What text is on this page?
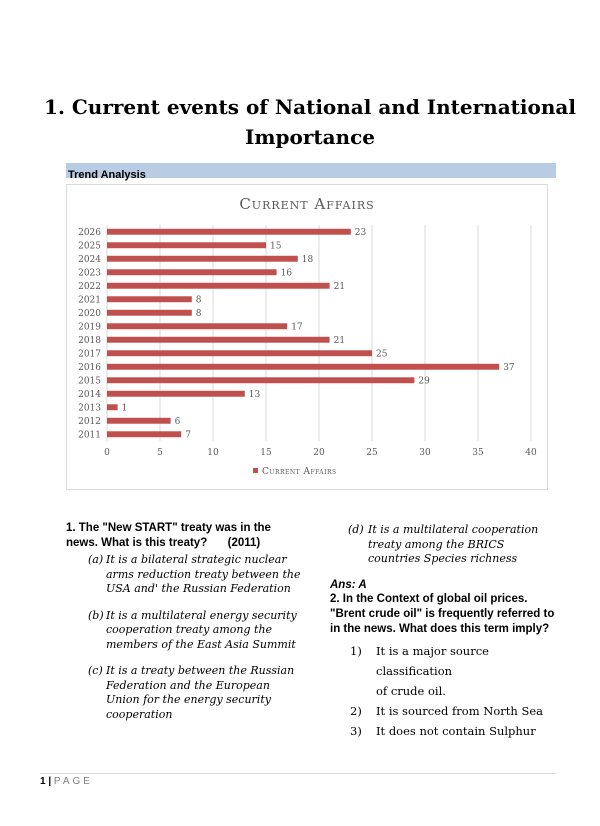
1. Current events of National and International
Importance
Trend Analysis
Current Affairs
0	5	10	15	20	25	30	35	40
2011	7
2012	6
2013 1
2014	13
2015	29
2016	37
2017	25
2018	21
2019	17
2020	8
2021	8
2022	21
2023	16
2024	18
2025	15
2026	23
Current Affairs
1. The "New START" treaty was in the news. What is this treaty? (2011)
(a) It is a bilateral strategic nuclear arms reduction treaty between the USA and' the Russian Federation
(b) It is a multilateral energy security cooperation treaty among the members of the East Asia Summit
(c) It is a treaty between the Russian Federation and the European Union for the energy security cooperation
(d) It is a multilateral cooperation treaty among the BRICS countries Species richness
Ans: A
2. In the Context of global oil prices. "Brent crude oil" is frequently referred to in the news. What does this term imply?
1)	It is a major source classification
of crude oil.
2)	It is sourced from North Sea
3)	It does not contain Sulphur
1 | PAGE
